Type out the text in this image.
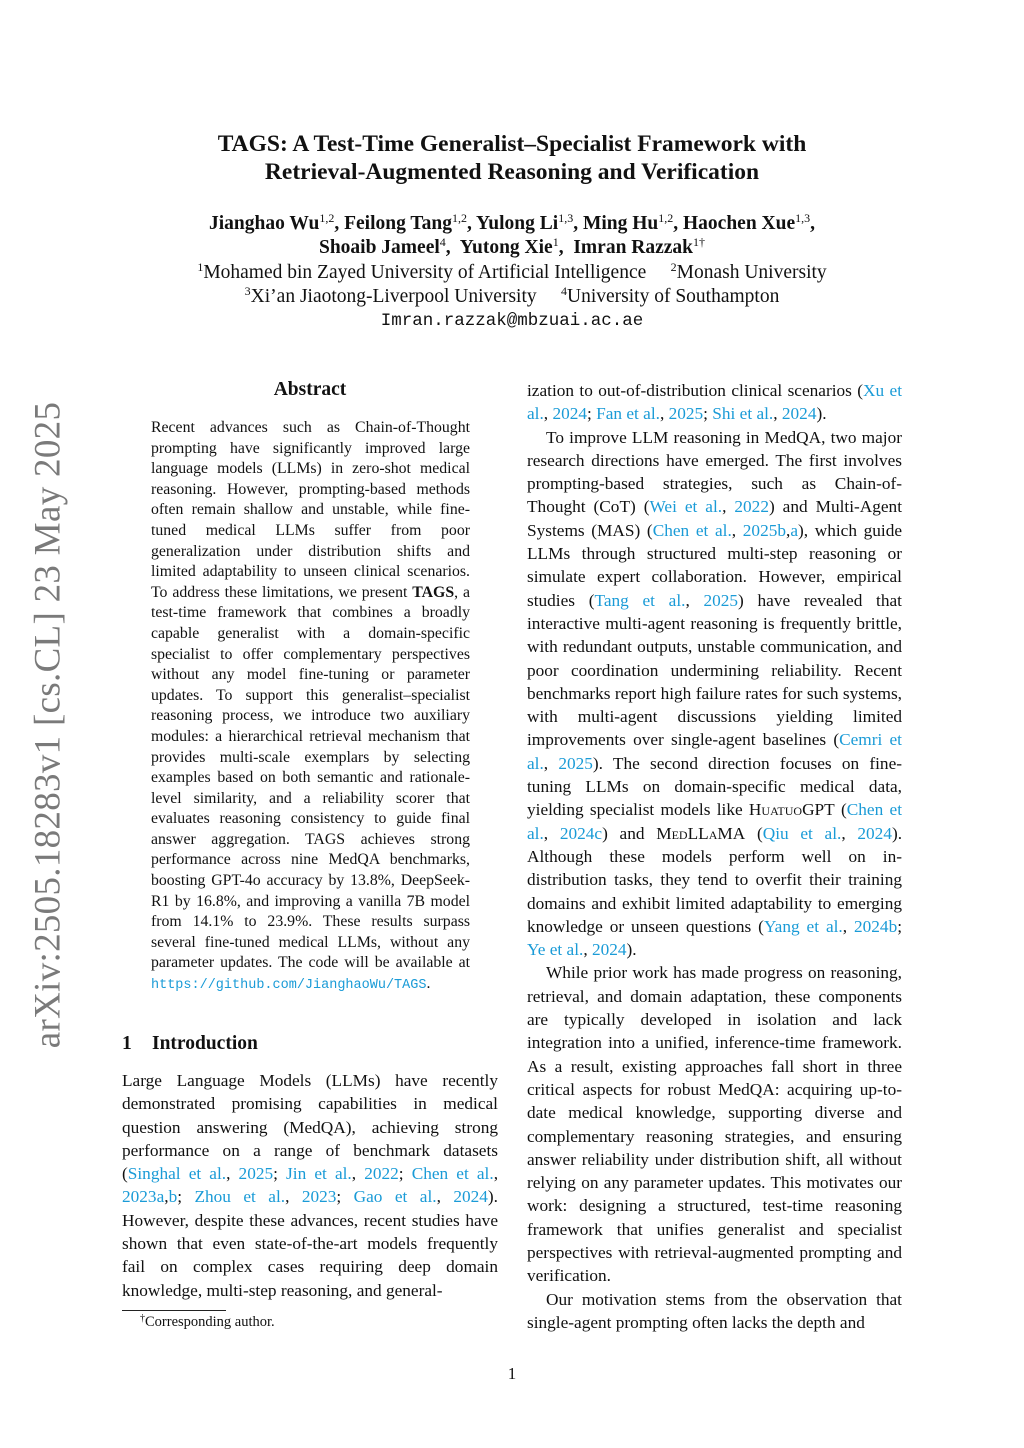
arXiv:2505.18283v1 [cs.CL] 23 May 2025
TAGS: A Test-Time Generalist–Specialist Framework with
Retrieval-Augmented Reasoning and Verification
Jianghao Wu$^{1,2}$, Feilong Tang$^{1,2}$, Yulong Li$^{1,3}$, Ming Hu$^{1,2}$, Haochen Xue$^{1,3}$,
Shoaib Jameel$^4$,  Yutong Xie$^1$,  Imran Razzak$^{1\dagger}$
$^1$Mohamed bin Zayed University of Artificial Intelligence $^2$Monash University
$^3$Xi’an Jiaotong-Liverpool University $^4$University of Southampton
Imran.razzak@mbzuai.ac.ae
Abstract
Recent advances such as Chain-of-Thought prompting have significantly improved large language models (LLMs) in zero-shot medical reasoning. However, prompting-based methods often remain shallow and unstable, while fine-tuned medical LLMs suffer from poor generalization under distribution shifts and limited adaptability to unseen clinical scenarios. To address these limitations, we present TAGS, a test-time framework that combines a broadly capable generalist with a domain-specific specialist to offer complementary perspectives without any model fine-tuning or parameter updates. To support this generalist–specialist reasoning process, we introduce two auxiliary modules: a hierarchical retrieval mechanism that provides multi-scale exemplars by selecting examples based on both semantic and rationale-level similarity, and a reliability scorer that evaluates reasoning consistency to guide final answer aggregation. TAGS achieves strong performance across nine MedQA benchmarks, boosting GPT-4o accuracy by 13.8%, DeepSeek-R1 by 16.8%, and improving a vanilla 7B model from 14.1% to 23.9%. These results surpass several fine-tuned medical LLMs, without any parameter updates. The code will be available at https://github.com/JianghaoWu/TAGS.
1 Introduction

Large Language Models (LLMs) have recently demonstrated promising capabilities in medical question answering (MedQA), achieving strong performance on a range of benchmark datasets (Singhal et al., 2025; Jin et al., 2022; Chen et al., 2023a,b; Zhou et al., 2023; Gao et al., 2024). However, despite these advances, recent studies have shown that even state-of-the-art models frequently fail on complex cases requiring deep domain knowledge, multi-step reasoning, and general-

ization to out-of-distribution clinical scenarios (Xu et al., 2024; Fan et al., 2025; Shi et al., 2024).

To improve LLM reasoning in MedQA, two major research directions have emerged. The first involves prompting-based strategies, such as Chain-of-Thought (CoT) (Wei et al., 2022) and Multi-Agent Systems (MAS) (Chen et al., 2025b,a), which guide LLMs through structured multi-step reasoning or simulate expert collaboration. However, empirical studies (Tang et al., 2025) have revealed that interactive multi-agent reasoning is frequently brittle, with redundant outputs, unstable communication, and poor coordination undermining reliability. Recent benchmarks report high failure rates for such systems, with multi-agent discussions yielding limited improvements over single-agent baselines (Cemri et al., 2025). The second direction focuses on fine-tuning LLMs on domain-specific medical data, yielding specialist models like HuatuoGPT (Chen et al., 2024c) and MedLLaMA (Qiu et al., 2024). Although these models perform well on in-distribution tasks, they tend to overfit their training domains and exhibit limited adaptability to emerging knowledge or unseen questions (Yang et al., 2024b; Ye et al., 2024).

While prior work has made progress on reasoning, retrieval, and domain adaptation, these components are typically developed in isolation and lack integration into a unified, inference-time framework. As a result, existing approaches fall short in three critical aspects for robust MedQA: acquiring up-to-date medical knowledge, supporting diverse and complementary reasoning strategies, and ensuring answer reliability under distribution shift, all without relying on any parameter updates. This motivates our work: designing a structured, test-time reasoning framework that unifies generalist and specialist perspectives with retrieval-augmented prompting and verification.

Our motivation stems from the observation that single-agent prompting often lacks the depth and

†Corresponding author.
1
